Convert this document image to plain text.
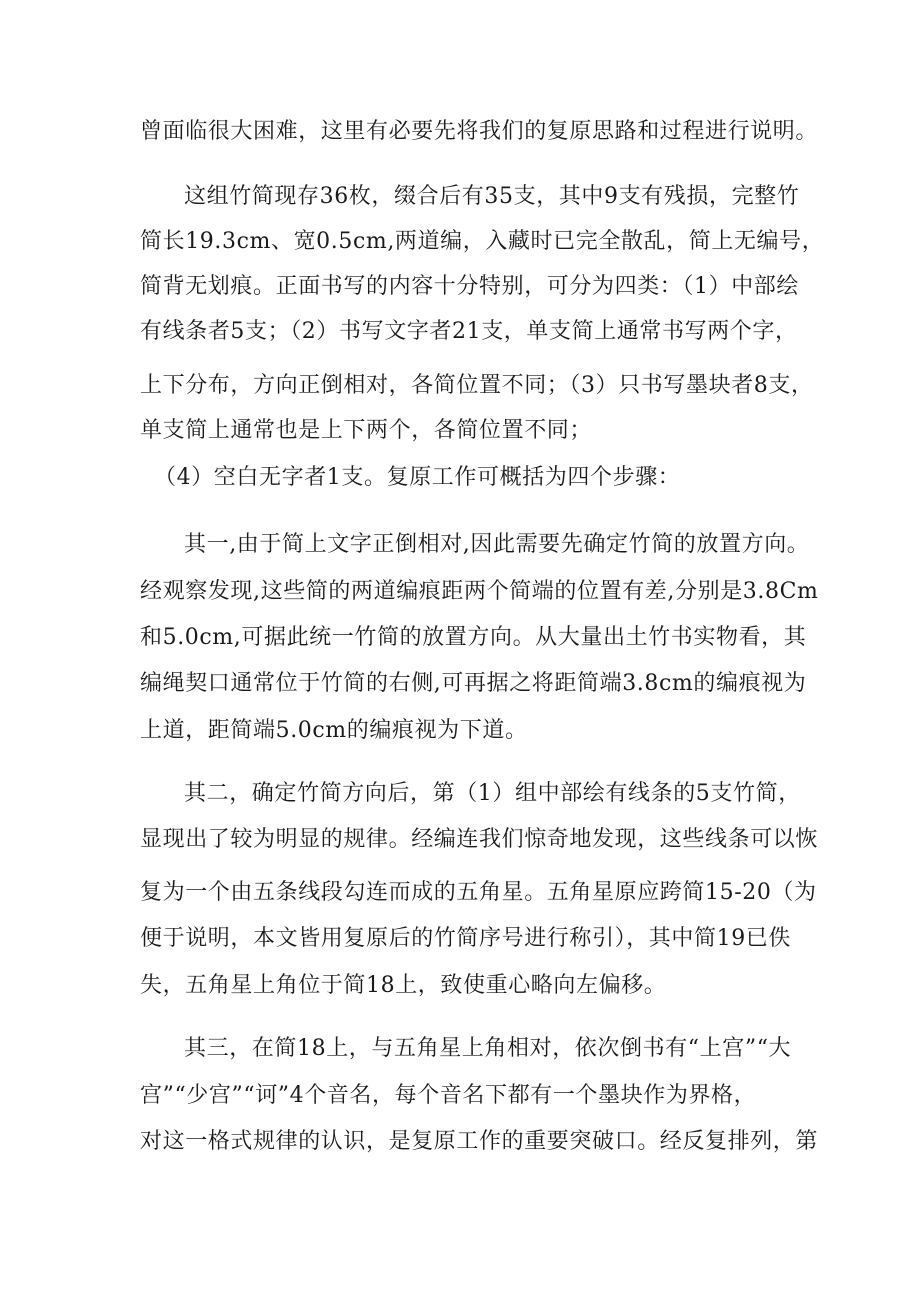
曾面临很大困难，这里有必要先将我们的复原思路和过程进行说明。
这组竹简现存36枚，缀合后有35支，其中9支有残损，完整竹
简长19.3cm、宽0.5cm,两道编，入藏时已完全散乱，简上无编号，
简背无划痕。正面书写的内容十分特别，可分为四类：（1）中部绘
有线条者5支；（2）书写文字者21支，单支简上通常书写两个字，
上下分布，方向正倒相对，各简位置不同；（3）只书写墨块者8支，
单支简上通常也是上下两个，各简位置不同；
（4）空白无字者1支。复原工作可概括为四个步骤：
其一,由于简上文字正倒相对,因此需要先确定竹简的放置方向。
经观察发现,这些简的两道编痕距两个简端的位置有差,分别是3.8Cm
和5.0cm,可据此统一竹简的放置方向。从大量出土竹书实物看，其
编绳契口通常位于竹简的右侧,可再据之将距简端3.8cm的编痕视为
上道，距简端5.0cm的编痕视为下道。
其二，确定竹简方向后，第（1）组中部绘有线条的5支竹简，
显现出了较为明显的规律。经编连我们惊奇地发现，这些线条可以恢
复为一个由五条线段勾连而成的五角星。五角星原应跨简15-20（为
便于说明，本文皆用复原后的竹简序号进行称引），其中简19已佚
失，五角星上角位于简18上，致使重心略向左偏移。
其三，在简18上，与五角星上角相对，依次倒书有“上宫”“大
宫”“少宫”“诃”4个音名，每个音名下都有一个墨块作为界格，
对这一格式规律的认识，是复原工作的重要突破口。经反复排列，第
